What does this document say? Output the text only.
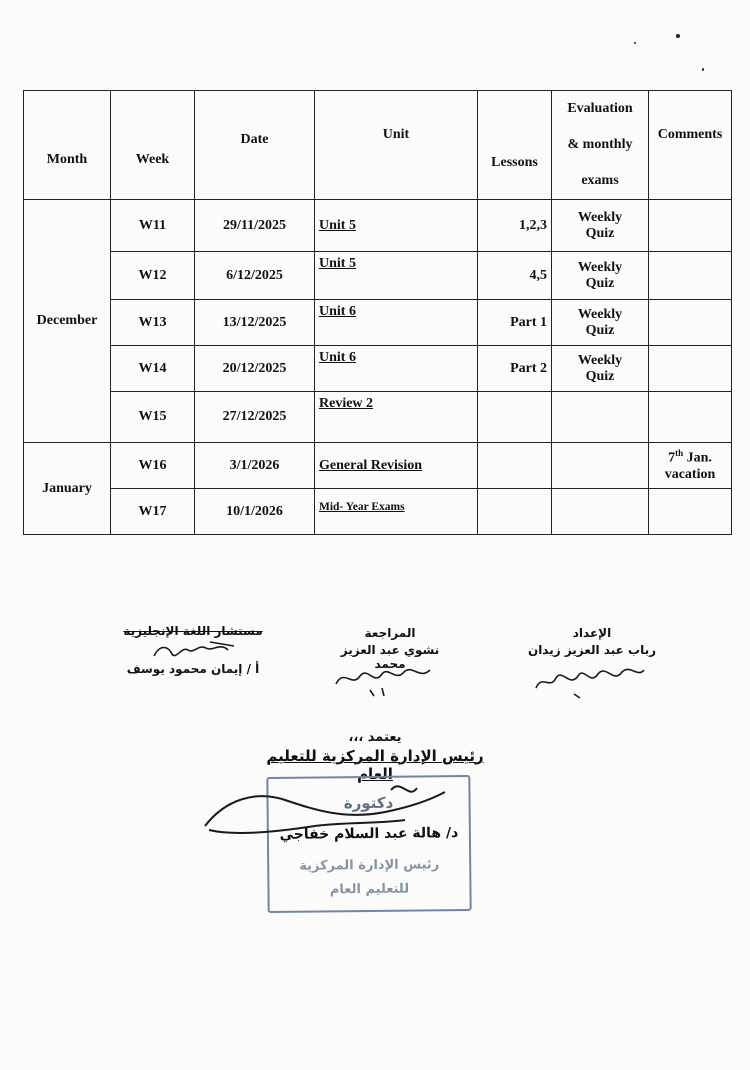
Month	Week	Date	Unit	Lessons	Evaluation
& monthly
exams	Comments
December	W11	29/11/2025	Unit 5	1,2,3	Weekly
Quiz	
	W12	6/12/2025	Unit 5	4,5	Weekly
Quiz	
	W13	13/12/2025	Unit 6	Part 1	Weekly
Quiz	
	W14	20/12/2025	Unit 6	Part 2	Weekly
Quiz	
	W15	27/12/2025	Review 2			
January	W16	3/1/2026	General Revision			7th Jan.
vacation
	W17	10/1/2026	Mid- Year Exams			
مستشار اللغة الإنجليزية
أ / إيمان محمود يوسف
المراجعة
نشوي عبد العزيز محمد
الإعداد
رباب عبد العزيز زيدان
يعتمد ،،،
رئيس الإدارة المركزية للتعليم العام
دكتورة
د/ هالة عبد السلام خفاجي
رئيس الإدارة المركزية
للتعليم العام
